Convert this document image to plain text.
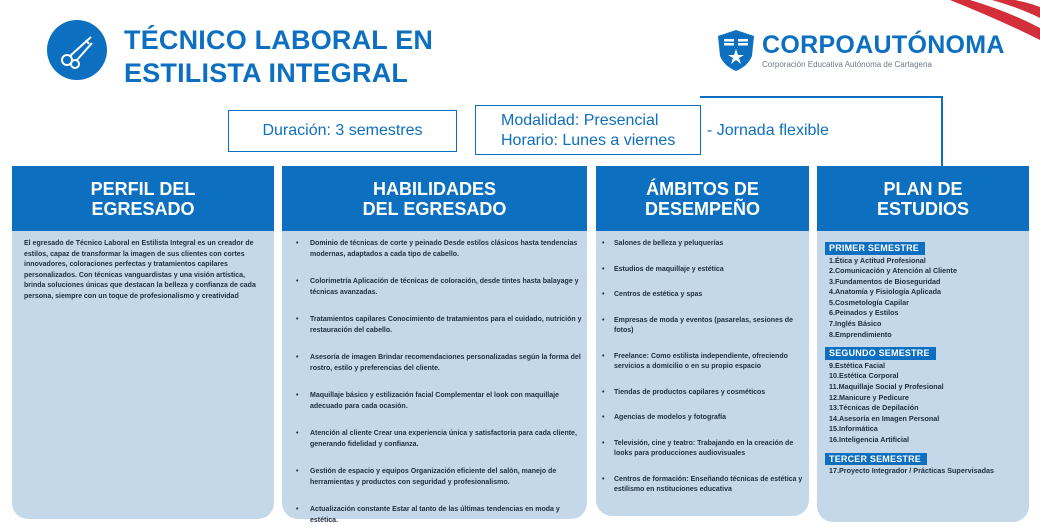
TÉCNICO LABORAL EN
ESTILISTA INTEGRAL
CORPOAUTÓNOMA
Corporación Educativa Autónoma de Cartagena
Duración: 3 semestres
Modalidad: Presencial
Horario: Lunes a viernes
- Jornada flexible
PERFIL DEL
EGRESADO
El egresado de Técnico Laboral en Estilista Integral es un creador de estilos, capaz de transformar la imagen de sus clientes con cortes innovadores, coloraciones perfectas y tratamientos capilares personalizados. Con técnicas vanguardistas y una visión artística, brinda soluciones únicas que destacan la belleza y confianza de cada persona, siempre con un toque de profesionalismo y creatividad
HABILIDADES
DEL EGRESADO
• Dominio de técnicas de corte y peinado Desde estilos clásicos hasta tendencias modernas, adaptados a cada tipo de cabello.
• Colorimetría Aplicación de técnicas de coloración, desde tintes hasta balayage y técnicas avanzadas.
• Tratamientos capilares Conocimiento de tratamientos para el cuidado, nutrición y restauración del cabello.
• Asesoría de imagen Brindar recomendaciones personalizadas según la forma del rostro, estilo y preferencias del cliente.
• Maquillaje básico y estilización facial Complementar el look con maquillaje adecuado para cada ocasión.
• Atención al cliente Crear una experiencia única y satisfactoria para cada cliente, generando fidelidad y confianza.
• Gestión de espacio y equipos Organización eficiente del salón, manejo de herramientas y productos con seguridad y profesionalismo.
• Actualización constante Estar al tanto de las últimas tendencias en moda y estética.
ÁMBITOS DE
DESEMPEÑO
• Salones de belleza y peluquerías
• Estudios de maquillaje y estética
• Centros de estética y spas
• Empresas de moda y eventos (pasarelas, sesiones de fotos)
• Freelance: Como estilista independiente, ofreciendo servicios a domicilio o en su propio espacio
• Tiendas de productos capilares y cosméticos
• Agencias de modelos y fotografía
• Televisión, cine y teatro: Trabajando en la creación de looks para producciones audiovisuales
• Centros de formación: Enseñando técnicas de estética y estilismo en nstituciones educativa
PLAN DE
ESTUDIOS
PRIMER SEMESTRE
1.Ética y Actitud Profesional
2.Comunicación y Atención al Cliente
3.Fundamentos de Bioseguridad
4.Anatomía y Fisiología Aplicada
5.Cosmetología Capilar
6.Peinados y Estilos
7.Inglés Básico
8.Emprendimiento
SEGUNDO SEMESTRE
9.Estética Facial
10.Estética Corporal
11.Maquillaje Social y Profesional
12.Manicure y Pedicure
13.Técnicas de Depilación
14.Asesoría en Imagen Personal
15.Informática
16.Inteligencia Artificial
TERCER SEMESTRE
17.Proyecto Integrador / Prácticas Supervisadas
